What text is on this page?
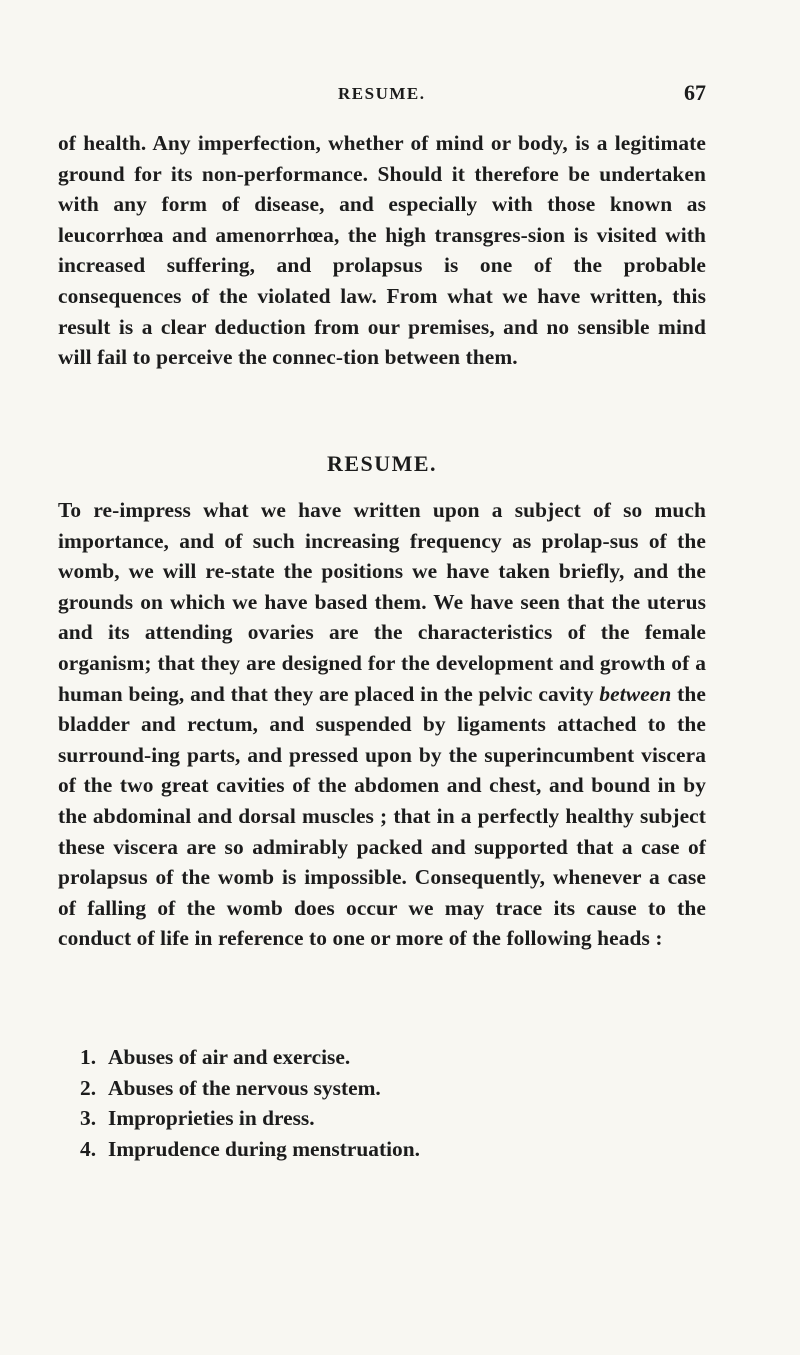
RESUME.	67

of health. Any imperfection, whether of mind or body, is a legitimate ground for its non-performance. Should it therefore be undertaken with any form of disease, and especially with those known as leucorrhœa and amenorrhœa, the high transgres-sion is visited with increased suffering, and prolapsus is one of the probable consequences of the violated law. From what we have written, this result is a clear deduction from our premises, and no sensible mind will fail to perceive the connec-tion between them.

RESUME.

To re-impress what we have written upon a subject of so much importance, and of such increasing frequency as prolap-sus of the womb, we will re-state the positions we have taken briefly, and the grounds on which we have based them. We have seen that the uterus and its attending ovaries are the characteristics of the female organism; that they are designed for the development and growth of a human being, and that they are placed in the pelvic cavity between the bladder and rectum, and suspended by ligaments attached to the surround-ing parts, and pressed upon by the superincumbent viscera of the two great cavities of the abdomen and chest, and bound in by the abdominal and dorsal muscles ; that in a perfectly healthy subject these viscera are so admirably packed and supported that a case of prolapsus of the womb is impossible. Consequently, whenever a case of falling of the womb does occur we may trace its cause to the conduct of life in reference to one or more of the following heads :

1. Abuses of air and exercise.
2. Abuses of the nervous system.
3. Improprieties in dress.
4. Imprudence during menstruation.
